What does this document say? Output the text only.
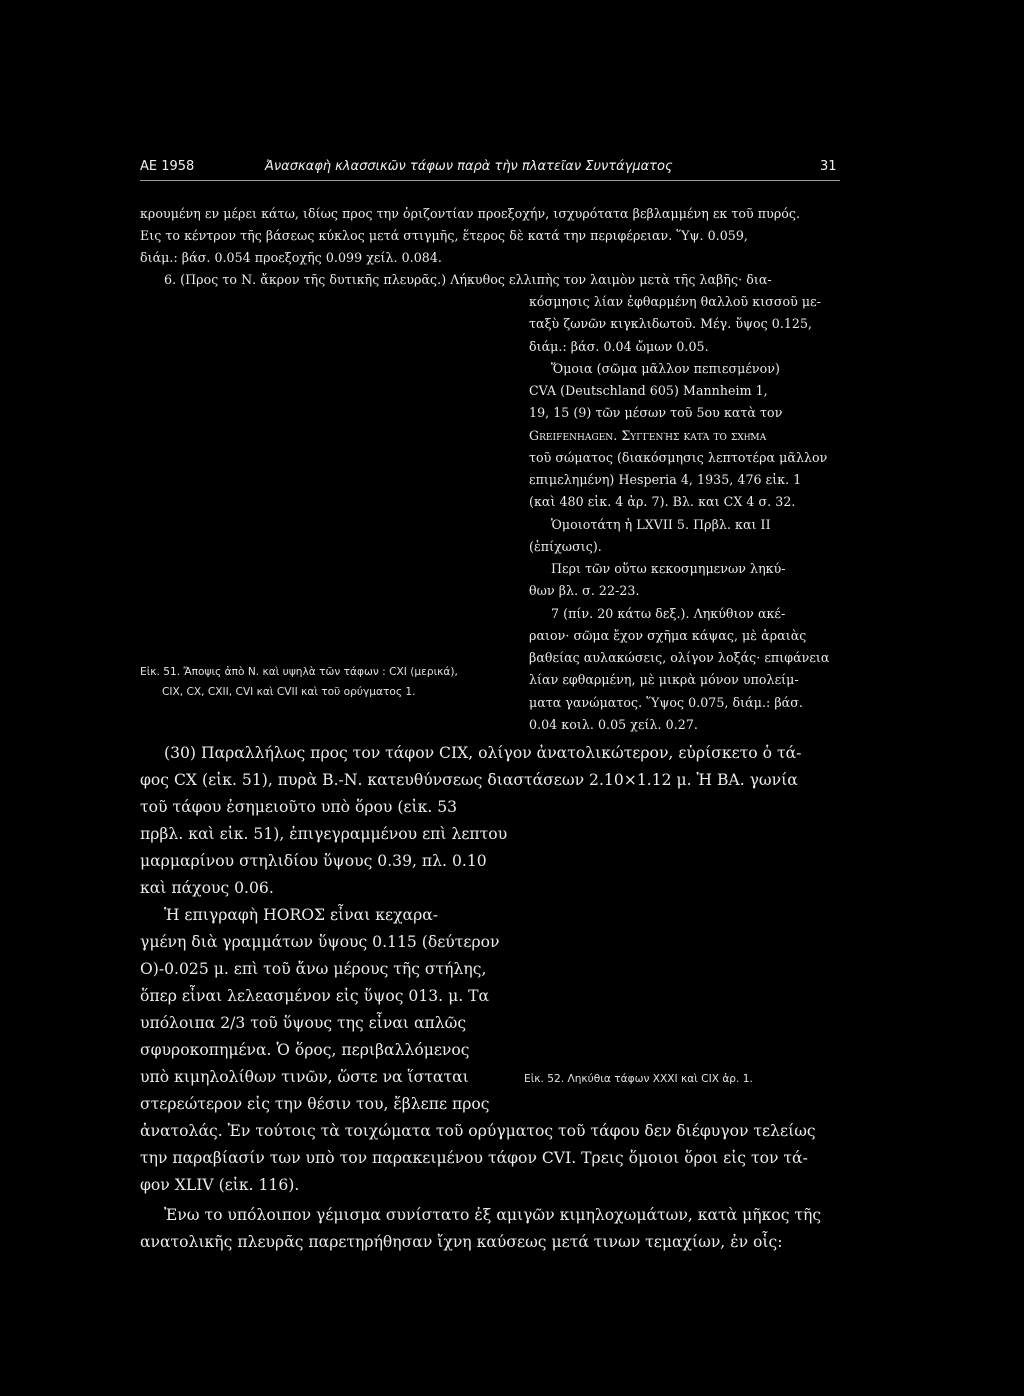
ΑΕ 1958	Ἀνασκαφὴ κλασσικῶν τάφων παρὰ τὴν πλατεῖαν Συντάγματος	31
κρουμένη εν μέρει κάτω, ιδίως προς την ὁριζοντίαν προεξοχήν, ισχυρότατα βεβλαμμένη εκ τοῦ πυρός.
Εις το κέντρον τῆς βάσεως κύκλος μετά στιγμῆς, ἕτερος δὲ κατά την περιφέρειαν. Ὕψ. 0.059,
διάμ.: βάσ. 0.054 προεξοχῆς 0.099 χείλ. 0.084.
6. (Προς το Ν. ἄκρον τῆς δυτικῆς πλευρᾶς.) Λήκυθος ελλιπὴς τον λαιμὸν μετὰ τῆς λαβῆς· δια-
κόσμησις λίαν ἐφθαρμένη θαλλοῦ κισσοῦ με-
ταξὺ ζωνῶν κιγκλιδωτοῦ. Μέγ. ὕψος 0.125,
διάμ.: βάσ. 0.04 ὤμων 0.05.
Ὅμοια (σῶμα μᾶλλον πεπιεσμένον)
CVA (Deutschland 605) Mannheim 1,
19, 15 (9) τῶν μέσων τοῦ 5ου κατὰ τον
Greifenhagen. Συγγενὴς κατὰ το σχῆμα
τοῦ σώματος (διακόσμησις λεπτοτέρα μᾶλλον
επιμελημένη) Hesperia 4, 1935, 476 εἰκ. 1
(καὶ 480 εἰκ. 4 ἀρ. 7). Βλ. και CX 4 σ. 32.
Ὁμοιοτάτη ἡ LXVII 5. Πρβλ. και ΙΙ
(ἐπίχωσις).
Περι τῶν οὕτω κεκοσμημενων ληκύ-
θων βλ. σ. 22-23.
7 (πίν. 20 κάτω δεξ.). Ληκύθιον ακέ-
ραιον· σῶμα ἔχον σχῆμα κάψας, μὲ ἀραιὰς
βαθείας αυλακώσεις, ολίγον λοξάς· επιφάνεια
λίαν εφθαρμένη, μὲ μικρὰ μόνον υπολείμ-
ματα γανώματος. Ὕψος 0.075, διάμ.: βάσ.
0.04 κοιλ. 0.05 χείλ. 0.27.
Εἰκ. 51. Ἄποψις ἀπὸ Ν. καὶ υψηλὰ τῶν τάφων : CXI (μερικά),
CIX, CX, CXII, CVI καὶ CVII καὶ τοῦ ορύγματος 1.
(30) Παραλλήλως προς τον τάφον CIX, ολίγον ἀνατολικώτερον, εὑρίσκετο ὁ τά-
φος CX (εἰκ. 51), πυρὰ Β.-Ν. κατευθύνσεως διαστάσεων 2.10×1.12 μ. Ἡ ΒΑ. γωνία
τοῦ τάφου ἐσημειοῦτο υπὸ ὅρου (εἰκ. 53
πρβλ. καὶ εἰκ. 51), ἐπιγεγραμμένου επὶ λεπτου
μαρμαρίνου στηλιδίου ὕψους 0.39, πλ. 0.10
καὶ πάχους 0.06.
Ἡ επιγραφὴ HOROΣ εἶναι κεχαρα-
γμένη διὰ γραμμάτων ὕψους 0.115 (δεύτερον
Ο)-0.025 μ. επὶ τοῦ ἄνω μέρους τῆς στήλης,
ὅπερ εἶναι λελεασμένον εἰς ὕψος 013. μ. Τα
υπόλοιπα 2/3 τοῦ ὕψους της εἶναι απλῶς
σφυροκοπημένα. Ὁ ὅρος, περιβαλλόμενος
υπὸ κιμηλολίθων τινῶν, ὥστε να ἵσταται
στερεώτερον εἰς την θέσιν του, ἔβλεπε προς
ἀνατολάς. Ἐν τούτοις τὰ τοιχώματα τοῦ ορύγματος τοῦ τάφου δεν διέφυγον τελείως
την παραβίασίν των υπὸ τον παρακειμένου τάφον CVI. Τρεις ὅμοιοι ὅροι εἰς τον τά-
φον XLIV (εἰκ. 116).
Ἐνω το υπόλοιπον γέμισμα συνίστατο ἐξ αμιγῶν κιμηλοχωμάτων, κατὰ μῆκος τῆς
ανατολικῆς πλευρᾶς παρετηρήθησαν ἴχνη καύσεως μετά τινων τεμαχίων, ἐν οἷς:
Εἰκ. 52. Ληκύθια τάφων XXXI καὶ CIX ἀρ. 1.
